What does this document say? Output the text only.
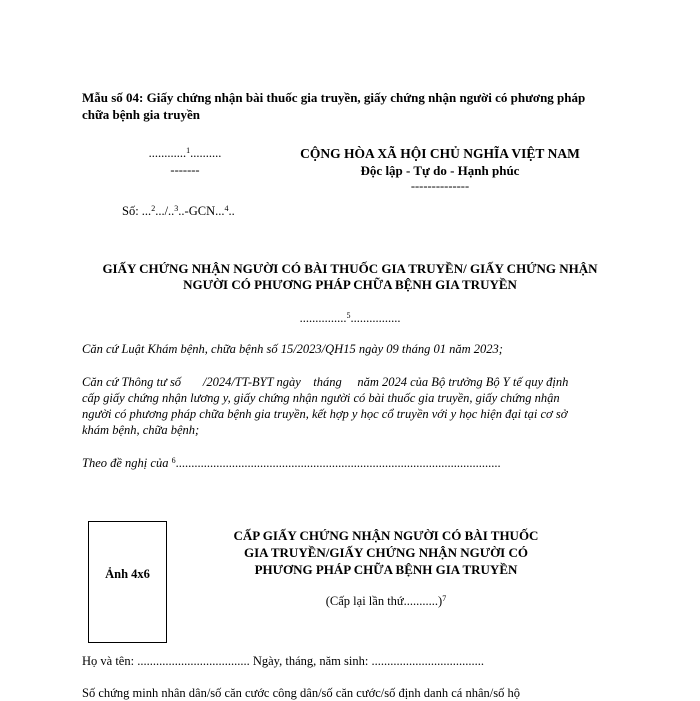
Mẫu số 04: Giấy chứng nhận bài thuốc gia truyền, giấy chứng nhận người có phương pháp
chữa bệnh gia truyền
............$^1$..........
-------
CỘNG HÒA XÃ HỘI CHỦ NGHĨA VIỆT NAM
Độc lập - Tự do - Hạnh phúc
--------------
Số: ...$^2$.../..$^3$..-GCN...$^4$..
GIẤY CHỨNG NHẬN NGƯỜI CÓ BÀI THUỐC GIA TRUYỀN/ GIẤY CHỨNG NHẬN
NGƯỜI CÓ PHƯƠNG PHÁP CHỮA BỆNH GIA TRUYỀN
...............$^5$................
Căn cứ Luật Khám bệnh, chữa bệnh số 15/2023/QH15 ngày 09 tháng 01 năm 2023;
Căn cứ Thông tư số       /2024/TT-BYT ngày    tháng     năm 2024 của Bộ trưởng Bộ Y tế quy định
cấp giấy chứng nhận lương y, giấy chứng nhận người có bài thuốc gia truyền, giấy chứng nhận
người có phương pháp chữa bệnh gia truyền, kết hợp y học cổ truyền với y học hiện đại tại cơ sở
khám bệnh, chữa bệnh;
Theo đề nghị của $^6$........................................................................................................
Ảnh 4x6
CẤP GIẤY CHỨNG NHẬN NGƯỜI CÓ BÀI THUỐC
GIA TRUYỀN/GIẤY CHỨNG NHẬN NGƯỜI CÓ
PHƯƠNG PHÁP CHỮA BỆNH GIA TRUYỀN
(Cấp lại lần thứ...........)$^7$
Họ và tên: .................................... Ngày, tháng, năm sinh: ....................................
Số chứng minh nhân dân/số căn cước công dân/số căn cước/số định danh cá nhân/số hộ
